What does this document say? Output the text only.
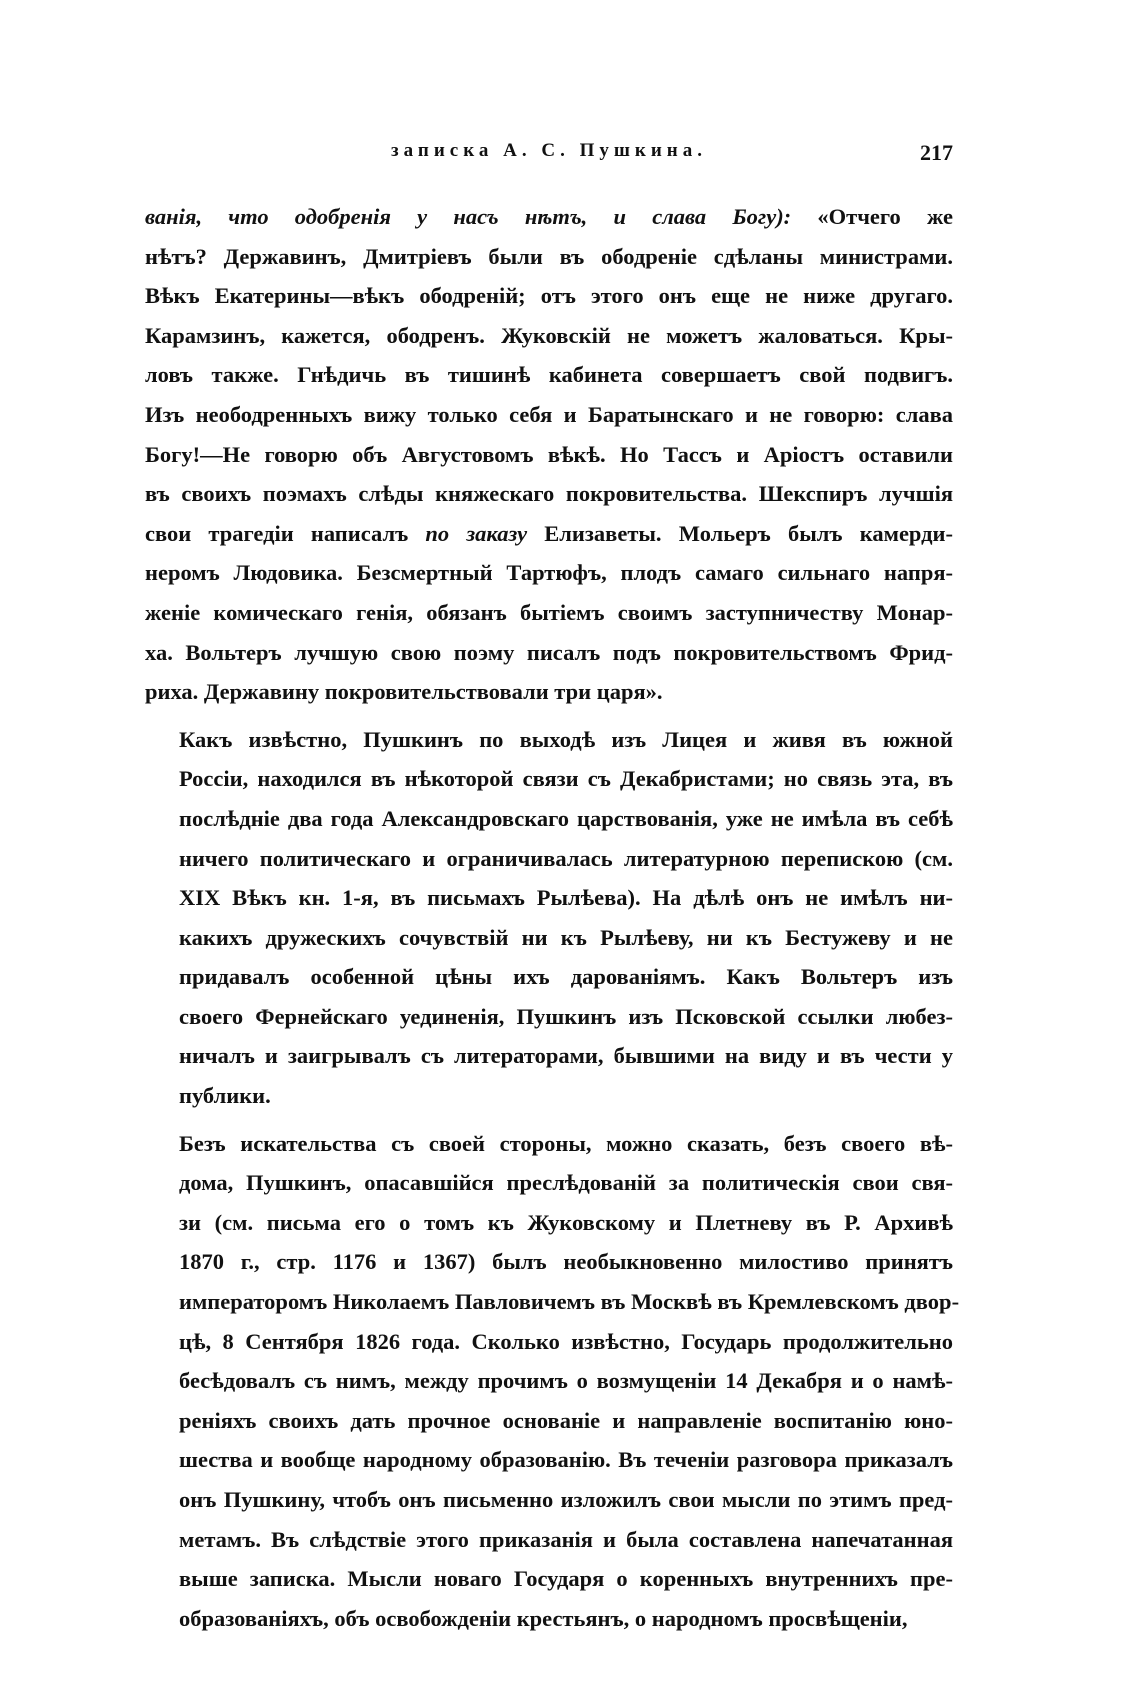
записка А. С. Пушкина.	217
ванія, что одобренія у насъ нѣтъ, и слава Богу): «Отчего же
нѣтъ? Державинъ, Дмитріевъ были въ ободреніе сдѣланы министрами.
Вѣкъ Екатерины—вѣкъ ободреній; отъ этого онъ еще не ниже другаго.
Карамзинъ, кажется, ободренъ. Жуковскій не можетъ жаловаться. Кры-
ловъ также. Гнѣдичь въ тишинѣ кабинета совершаетъ свой подвигъ.
Изъ неободренныхъ вижу только себя и Баратынскаго и не говорю: слава
Богу!—Не говорю объ Августовомъ вѣкѣ. Но Тассъ и Аріостъ оставили
въ своихъ поэмахъ слѣды княжескаго покровительства. Шекспиръ лучшія
свои трагедіи написалъ по заказу Елизаветы. Мольеръ былъ камерди-
неромъ Людовика. Безсмертный Тартюфъ, плодъ самаго сильнаго напря-
женіе комическаго генія, обязанъ бытіемъ своимъ заступничеству Монар-
ха. Вольтеръ лучшую свою поэму писалъ подъ покровительствомъ Фрид-
риха. Державину покровительствовали три царя».
Какъ извѣстно, Пушкинъ по выходѣ изъ Лицея и живя въ южной
Россіи, находился въ нѣкоторой связи съ Декабристами; но связь эта, въ
послѣдніе два года Александровскаго царствованія, уже не имѣла въ себѣ
ничего политическаго и ограничивалась литературною перепискою (см.
XIX Вѣкъ кн. 1-я, въ письмахъ Рылѣева). На дѣлѣ онъ не имѣлъ ни-
какихъ дружескихъ сочувствій ни къ Рылѣеву, ни къ Бестужеву и не
придавалъ особенной цѣны ихъ дарованіямъ. Какъ Вольтеръ изъ
своего Фернейскаго уединенія, Пушкинъ изъ Псковской ссылки любез-
ничалъ и заигрывалъ съ литераторами, бывшими на виду и въ чести у
публики.
Безъ искательства съ своей стороны, можно сказать, безъ своего вѣ-
дома, Пушкинъ, опасавшійся преслѣдованій за политическія свои свя-
зи (см. письма его о томъ къ Жуковскому и Плетневу въ Р. Архивѣ
1870 г., стр. 1176 и 1367) былъ необыкновенно милостиво принятъ
императоромъ Николаемъ Павловичемъ въ Москвѣ въ Кремлевскомъ двор-
цѣ, 8 Сентября 1826 года. Сколько извѣстно, Государь продолжительно
бесѣдовалъ съ нимъ, между прочимъ о возмущеніи 14 Декабря и о намѣ-
реніяхъ своихъ дать прочное основаніе и направленіе воспитанію юно-
шества и вообще народному образованію. Въ теченіи разговора приказалъ
онъ Пушкину, чтобъ онъ письменно изложилъ свои мысли по этимъ пред-
метамъ. Въ слѣдствіе этого приказанія и была составлена напечатанная
выше записка. Мысли новаго Государя о коренныхъ внутреннихъ пре-
образованіяхъ, объ освобожденіи крестьянъ, о народномъ просвѣщеніи,
